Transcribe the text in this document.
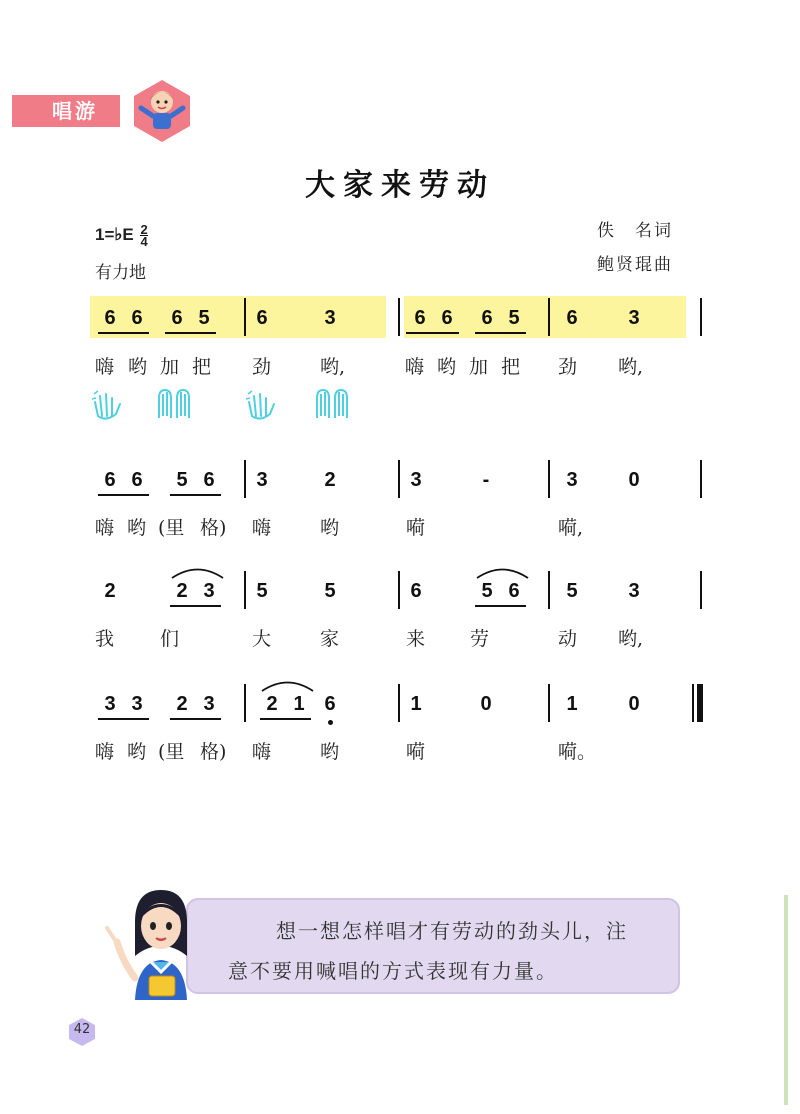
唱游
大家来劳动
1=♭E $\frac{2}{4}$
有力地
佚　名词
鲍贤琨曲
6 6 6 5 6	3	6 6 6 5 6	3
嗨 哟 加 把 劲	哟,	嗨 哟 加 把 劲 哟,
6 6 5 6 3	2	3	-	3	0
嗨 哟 (里 格) 嗨	哟	嗬	嗬,
2	2 3 5	5	6	5 6 5	3
我 们	大	家	来 劳	动 哟,
3 3 2 3	2 1 6	1	0	1	0
嗨 哟 (里 格) 嗨	哟	嗬	嗬。
想一想怎样唱才有劳动的劲头儿，注
意不要用喊唱的方式表现有力量。
42
